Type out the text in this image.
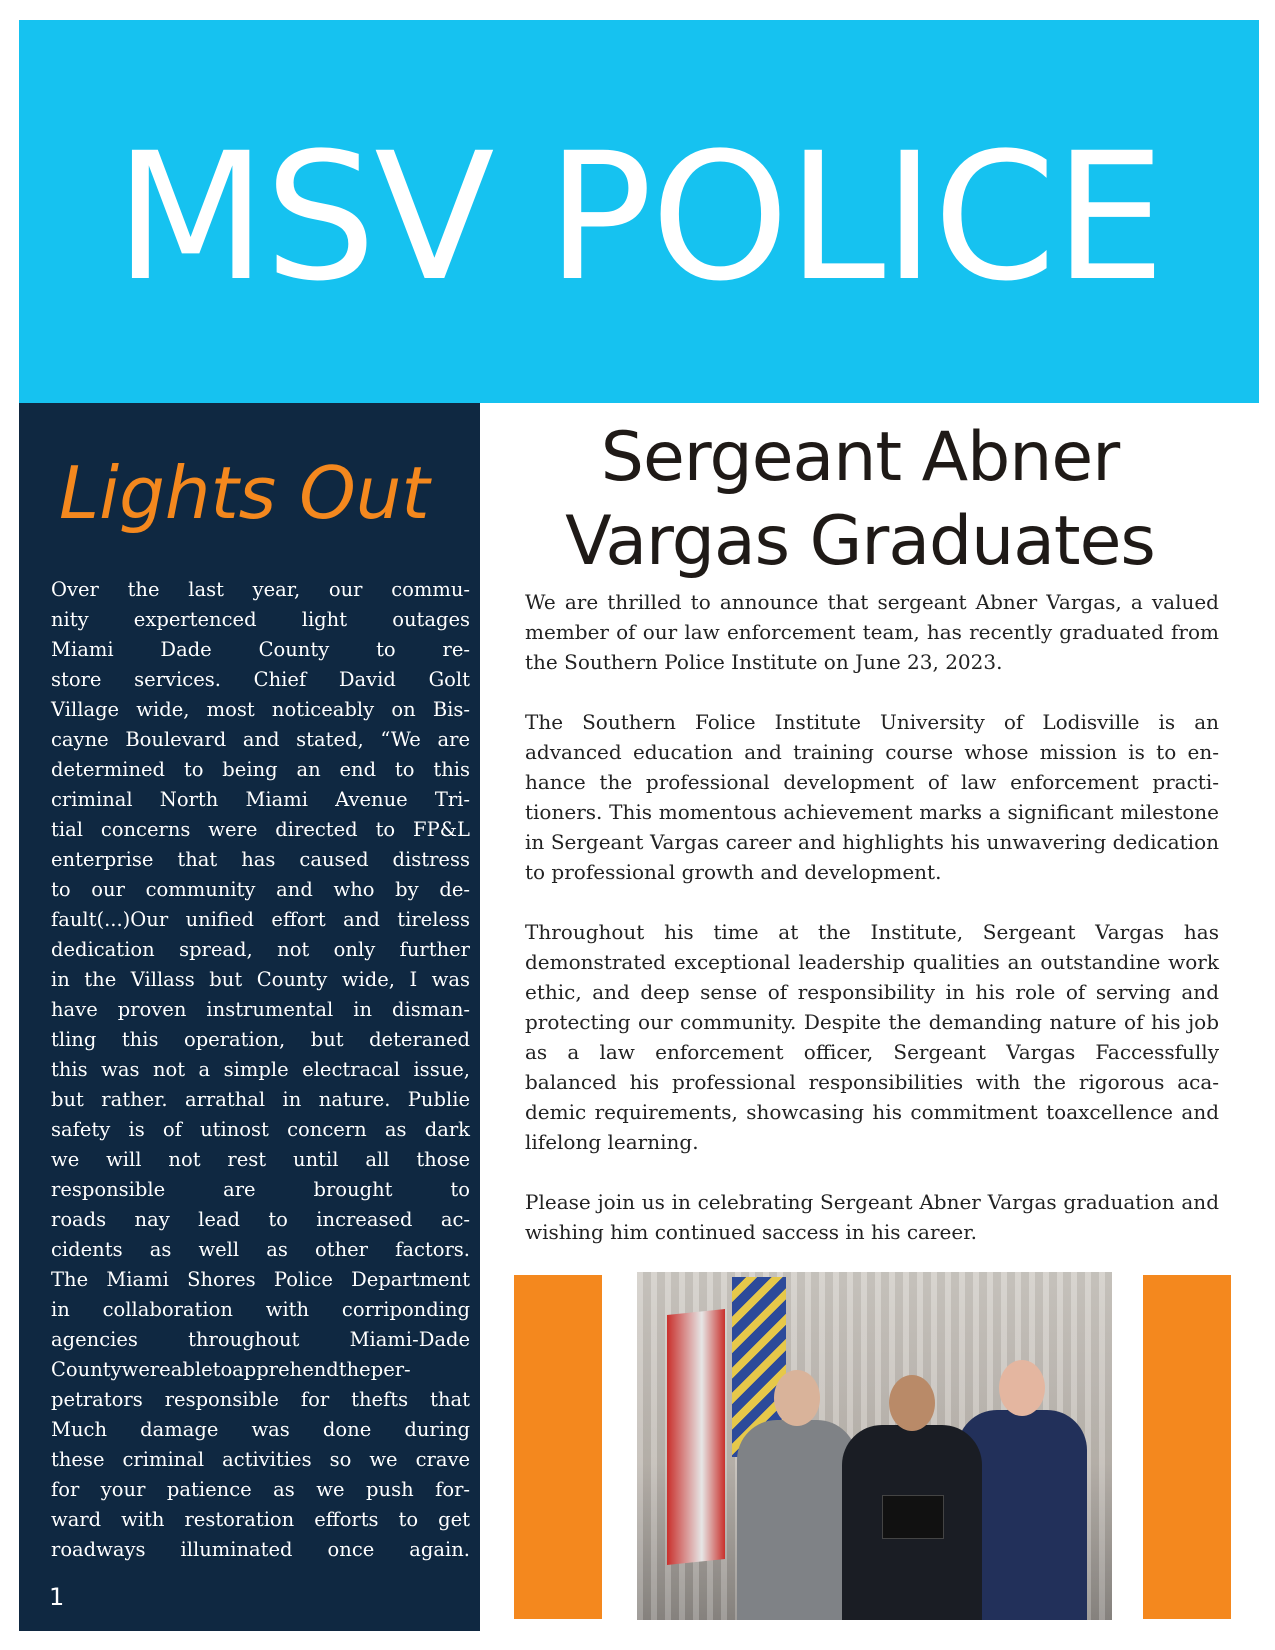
MSV POLICE
Lights Out

Over the last year, our commu-
nity expertenced light outages
Miami Dade County to re-
store services. Chief David Golt
Village wide, most noticeably on Bis-
cayne Boulevard and stated, “We are
determined to being an end to this
criminal North Miami Avenue Tri-
tial concerns were directed to FP&L
enterprise that has caused distress
to our community and who by de-
fault(...)Our unified effort and tireless
dedication spread, not only further
in the Villass but County wide, I was
have proven instrumental in disman-
tling this operation, but deteraned
this was not a simple electracal issue,
but rather. arrathal in nature. Publie
safety is of utinost concern as dark
we will not rest until all those
responsible are brought to
roads nay lead to increased ac-
cidents as well as other factors.
The Miami Shores Police Department
in collaboration with corriponding
agencies throughout Miami-Dade
Countywereabletoapprehendtheper-
petrators responsible for thefts that
Much damage was done during
these criminal activities so we crave
for your patience as we push for-
ward with restoration efforts to get
roadways illuminated once again.

1
Sergeant Abner Vargas Graduates

We are thrilled to announce that sergeant Abner Vargas, a valued member of our law enforcement team, has recently graduated from the Southern Police Institute on June 23, 2023.

The Southern Folice Institute University of Lodisville is an advanced education and training course whose mission is to en-hance the professional development of law enforcement practi-tioners. This momentous achievement marks a significant milestone in Sergeant Vargas career and highlights his unwavering dedication to professional growth and development.

Throughout his time at the Institute, Sergeant Vargas has demonstrated exceptional leadership qualities an outstandine work ethic, and deep sense of responsibility in his role of serving and protecting our community. Despite the demanding nature of his job as a law enforcement officer, Sergeant Vargas Faccessfully balanced his professional responsibilities with the rigorous aca-demic requirements, showcasing his commitment toaxcellence and lifelong learning.

Please join us in celebrating Sergeant Abner Vargas graduation and wishing him continued saccess in his career.
